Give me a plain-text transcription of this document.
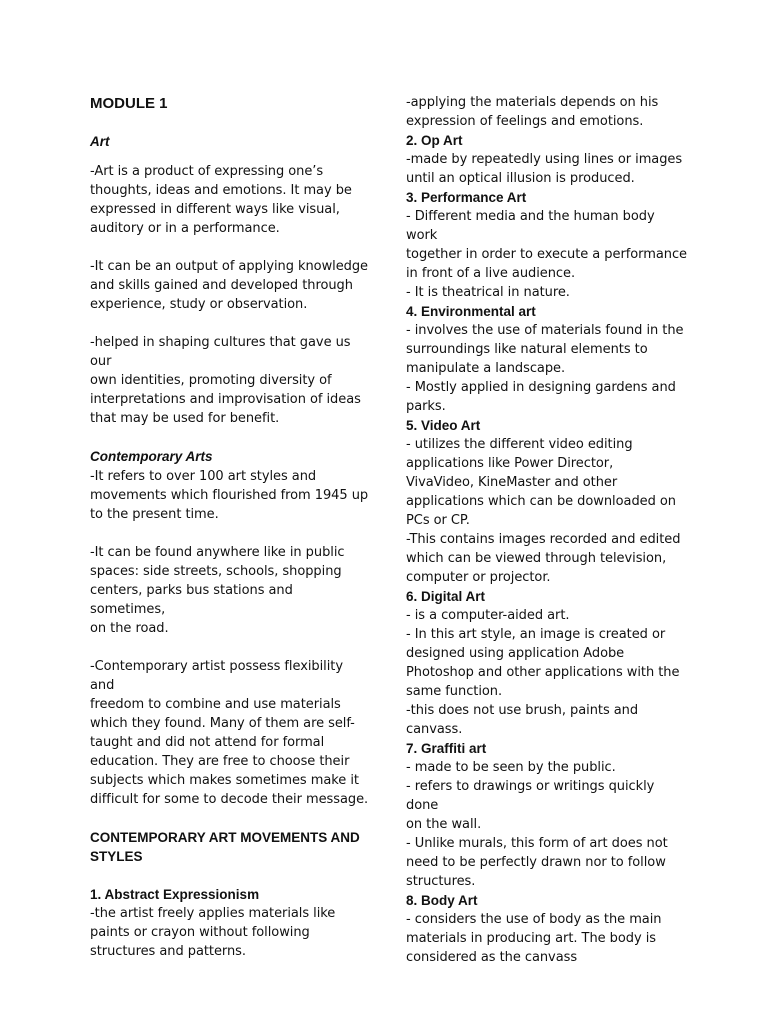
MODULE 1
Art

-Art is a product of expressing one’s
thoughts, ideas and emotions. It may be
expressed in different ways like visual,
auditory or in a performance.

-It can be an output of applying knowledge
and skills gained and developed through
experience, study or observation.

-helped in shaping cultures that gave us our
own identities, promoting diversity of
interpretations and improvisation of ideas
that may be used for benefit.

Contemporary Arts

-It refers to over 100 art styles and
movements which flourished from 1945 up
to the present time.

-It can be found anywhere like in public
spaces: side streets, schools, shopping
centers, parks bus stations and sometimes,
on the road.

-Contemporary artist possess flexibility and
freedom to combine and use materials
which they found. Many of them are self-
taught and did not attend for formal
education. They are free to choose their
subjects which makes sometimes make it
difficult for some to decode their message.

CONTEMPORARY ART MOVEMENTS AND
STYLES
1. Abstract Expressionism

-the artist freely applies materials like
paints or crayon without following
structures and patterns.

-applying the materials depends on his
expression of feelings and emotions.

2. Op Art

-made by repeatedly using lines or images
until an optical illusion is produced.

3. Performance Art

- Different media and the human body work
together in order to execute a performance
in front of a live audience.
- It is theatrical in nature.

4. Environmental art

- involves the use of materials found in the
surroundings like natural elements to
manipulate a landscape.
- Mostly applied in designing gardens and
parks.

5. Video Art

- utilizes the different video editing
applications like Power Director,
VivaVideo, KineMaster and other
applications which can be downloaded on
PCs or CP.
-This contains images recorded and edited
which can be viewed through television,
computer or projector.

6. Digital Art

- is a computer-aided art.
- In this art style, an image is created or
designed using application Adobe
Photoshop and other applications with the
same function.
-this does not use brush, paints and
canvass.

7. Graffiti art

- made to be seen by the public.
- refers to drawings or writings quickly done
on the wall.
- Unlike murals, this form of art does not
need to be perfectly drawn nor to follow
structures.

8. Body Art

- considers the use of body as the main
materials in producing art. The body is
considered as the canvass
